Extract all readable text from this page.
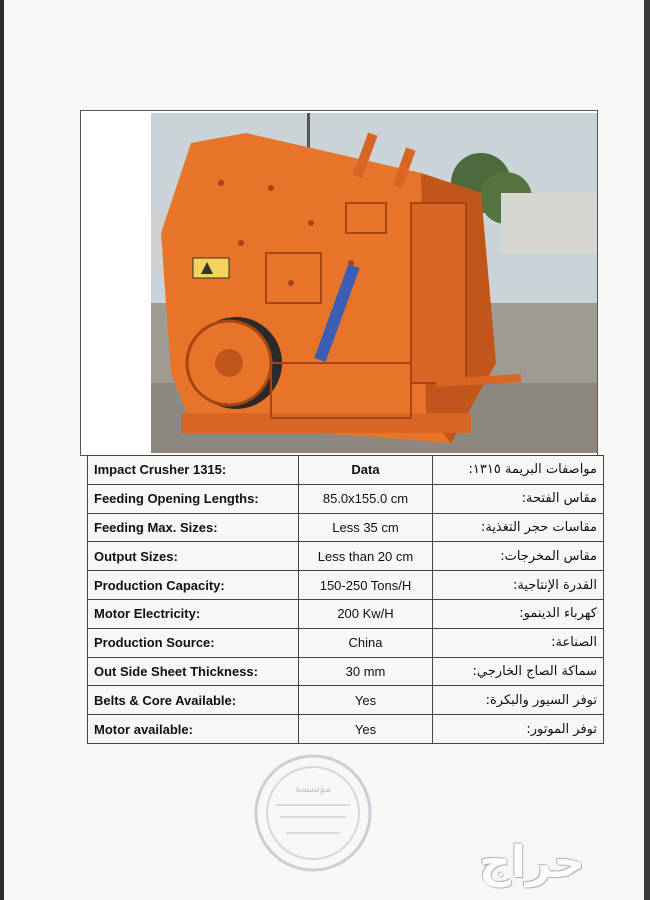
Impact Crusher 1315:	Data	مواصفات البريمة ١٣١٥:
Feeding Opening Lengths:	85.0x155.0 cm	مقاس الفتحة:
Feeding Max. Sizes:	Less 35 cm	مقاسات حجر التغذية:
Output Sizes:	Less than 20 cm	مقاس المخرجات:
Production Capacity:	150-250 Tons/H	القدرة الإنتاجية:
Motor Electricity:	200 Kw/H	كهرباء الدينمو:
Production Source:	China	الصناعة:
Out Side Sheet Thickness:	30 mm	سماكة الصاج الخارجي:
Belts & Core Available:	Yes	توفر السيور والبكرة:
Motor available:	Yes	توفر الموتور:
مؤسسة
حراج
